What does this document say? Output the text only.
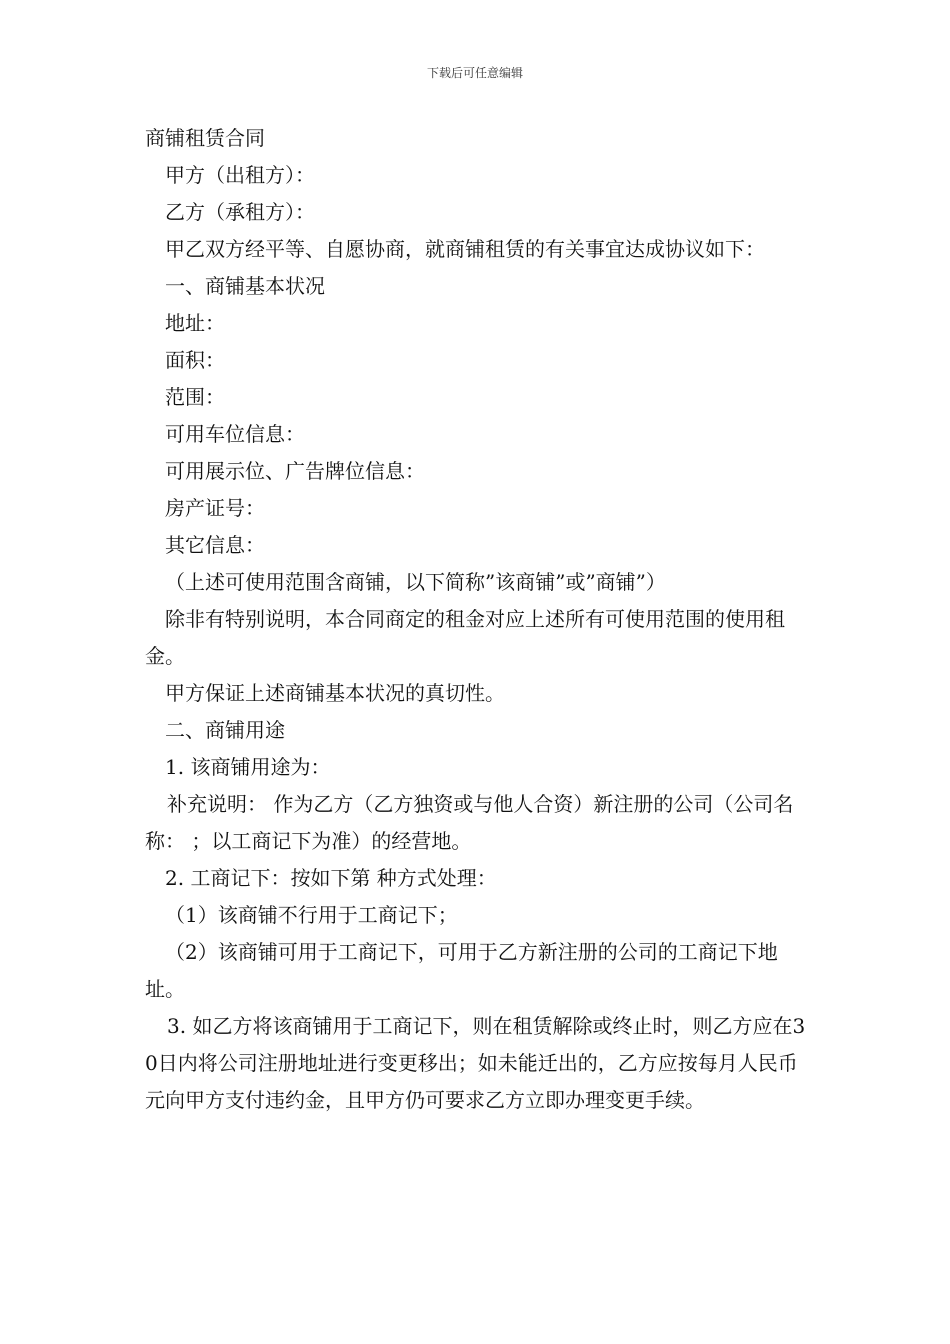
下载后可任意编辑

商铺租赁合同

甲方（出租方）：

乙方（承租方）：

甲乙双方经平等、自愿协商，就商铺租赁的有关事宜达成协议如下：

一、商铺基本状况

地址：

面积：

范围：

可用车位信息：

可用展示位、广告牌位信息：

房产证号：

其它信息：

（上述可使用范围含商铺，以下简称”该商铺”或”商铺”）

除非有特别说明，本合同商定的租金对应上述所有可使用范围的使用租金。

甲方保证上述商铺基本状况的真切性。

二、商铺用途

1. 该商铺用途为：

补充说明： 作为乙方（乙方独资或与他人合资）新注册的公司（公司名称： ；以工商记下为准）的经营地。

2. 工商记下：按如下第 种方式处理：

（1）该商铺不行用于工商记下；

（2）该商铺可用于工商记下，可用于乙方新注册的公司的工商记下地址。

3. 如乙方将该商铺用于工商记下，则在租赁解除或终止时，则乙方应在30日内将公司注册地址进行变更移出；如未能迁出的，乙方应按每月人民币 元向甲方支付违约金，且甲方仍可要求乙方立即办理变更手续。
